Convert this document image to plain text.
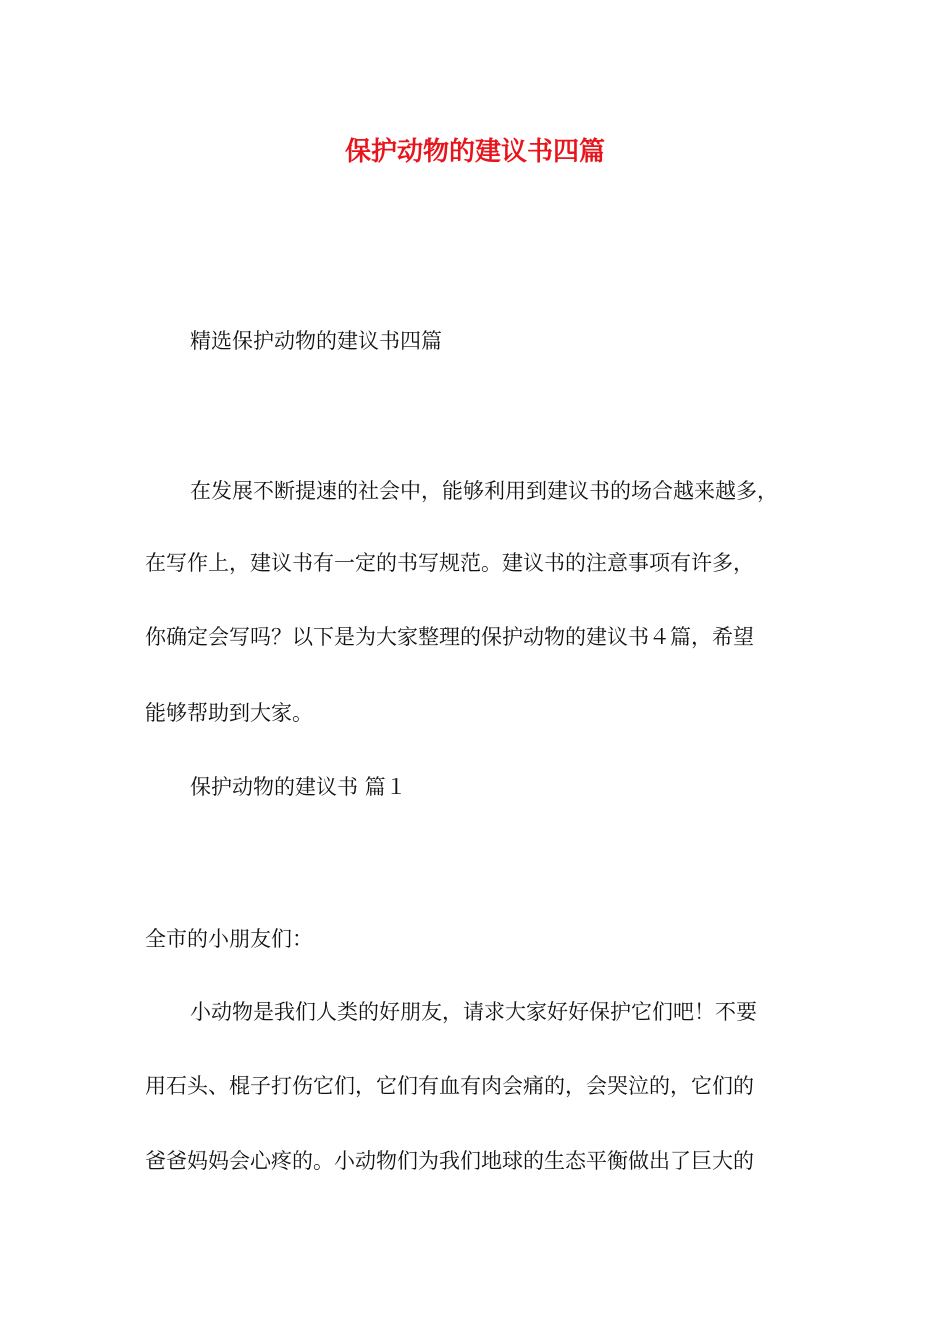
保护动物的建议书四篇
精选保护动物的建议书四篇
在发展不断提速的社会中，能够利用到建议书的场合越来越多，
在写作上，建议书有一定的书写规范。建议书的注意事项有许多，
你确定会写吗？以下是为大家整理的保护动物的建议书４篇，希望
能够帮助到大家。
保护动物的建议书 篇１
全市的小朋友们：
小动物是我们人类的好朋友，请求大家好好保护它们吧！不要
用石头、棍子打伤它们，它们有血有肉会痛的，会哭泣的，它们的
爸爸妈妈会心疼的。小动物们为我们地球的生态平衡做出了巨大的
